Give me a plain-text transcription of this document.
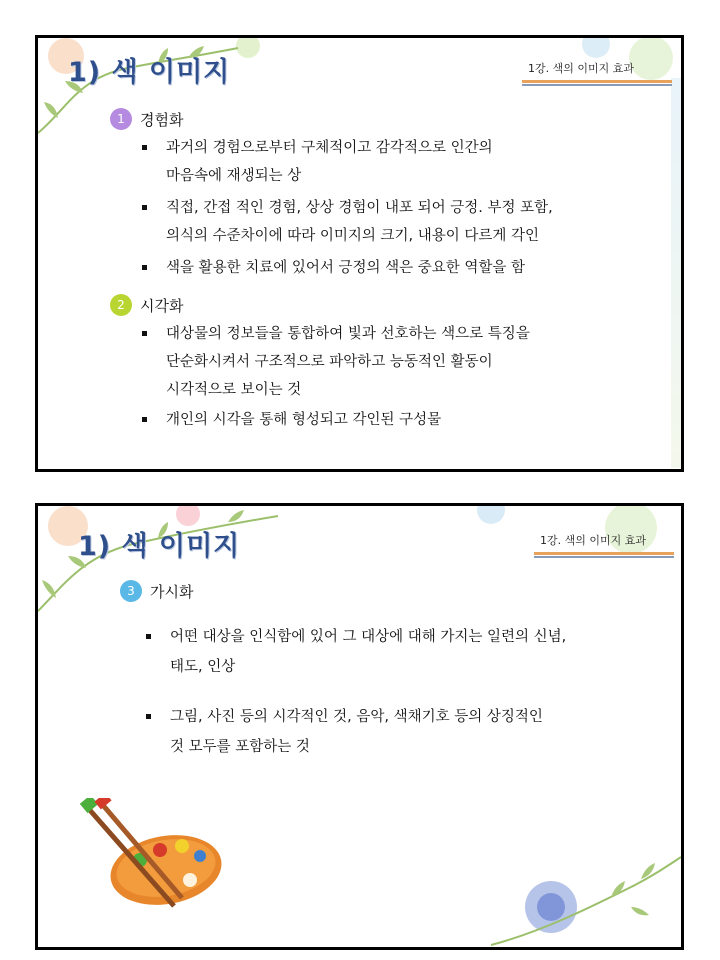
1) 색 이미지	1강. 색의 이미지 효과
1 경험화
과거의 경험으로부터 구체적이고 감각적으로 인간의
마음속에 재생되는 상
직접, 간접 적인 경험, 상상 경험이 내포 되어 긍정. 부정 포함,
의식의 수준차이에 따라 이미지의 크기, 내용이 다르게 각인
색을 활용한 치료에 있어서 긍정의 색은 중요한 역할을 함
2 시각화
대상물의 정보들을 통합하여 빛과 선호하는 색으로 특징을
단순화시켜서 구조적으로 파악하고 능동적인 활동이
시각적으로 보이는 것
개인의 시각을 통해 형성되고 각인된 구성물
1) 색 이미지	1강. 색의 이미지 효과
3 가시화
어떤 대상을 인식함에 있어 그 대상에 대해 가지는 일련의 신념,
태도, 인상
그림, 사진 등의 시각적인 것, 음악, 색채기호 등의 상징적인
것 모두를 포함하는 것
